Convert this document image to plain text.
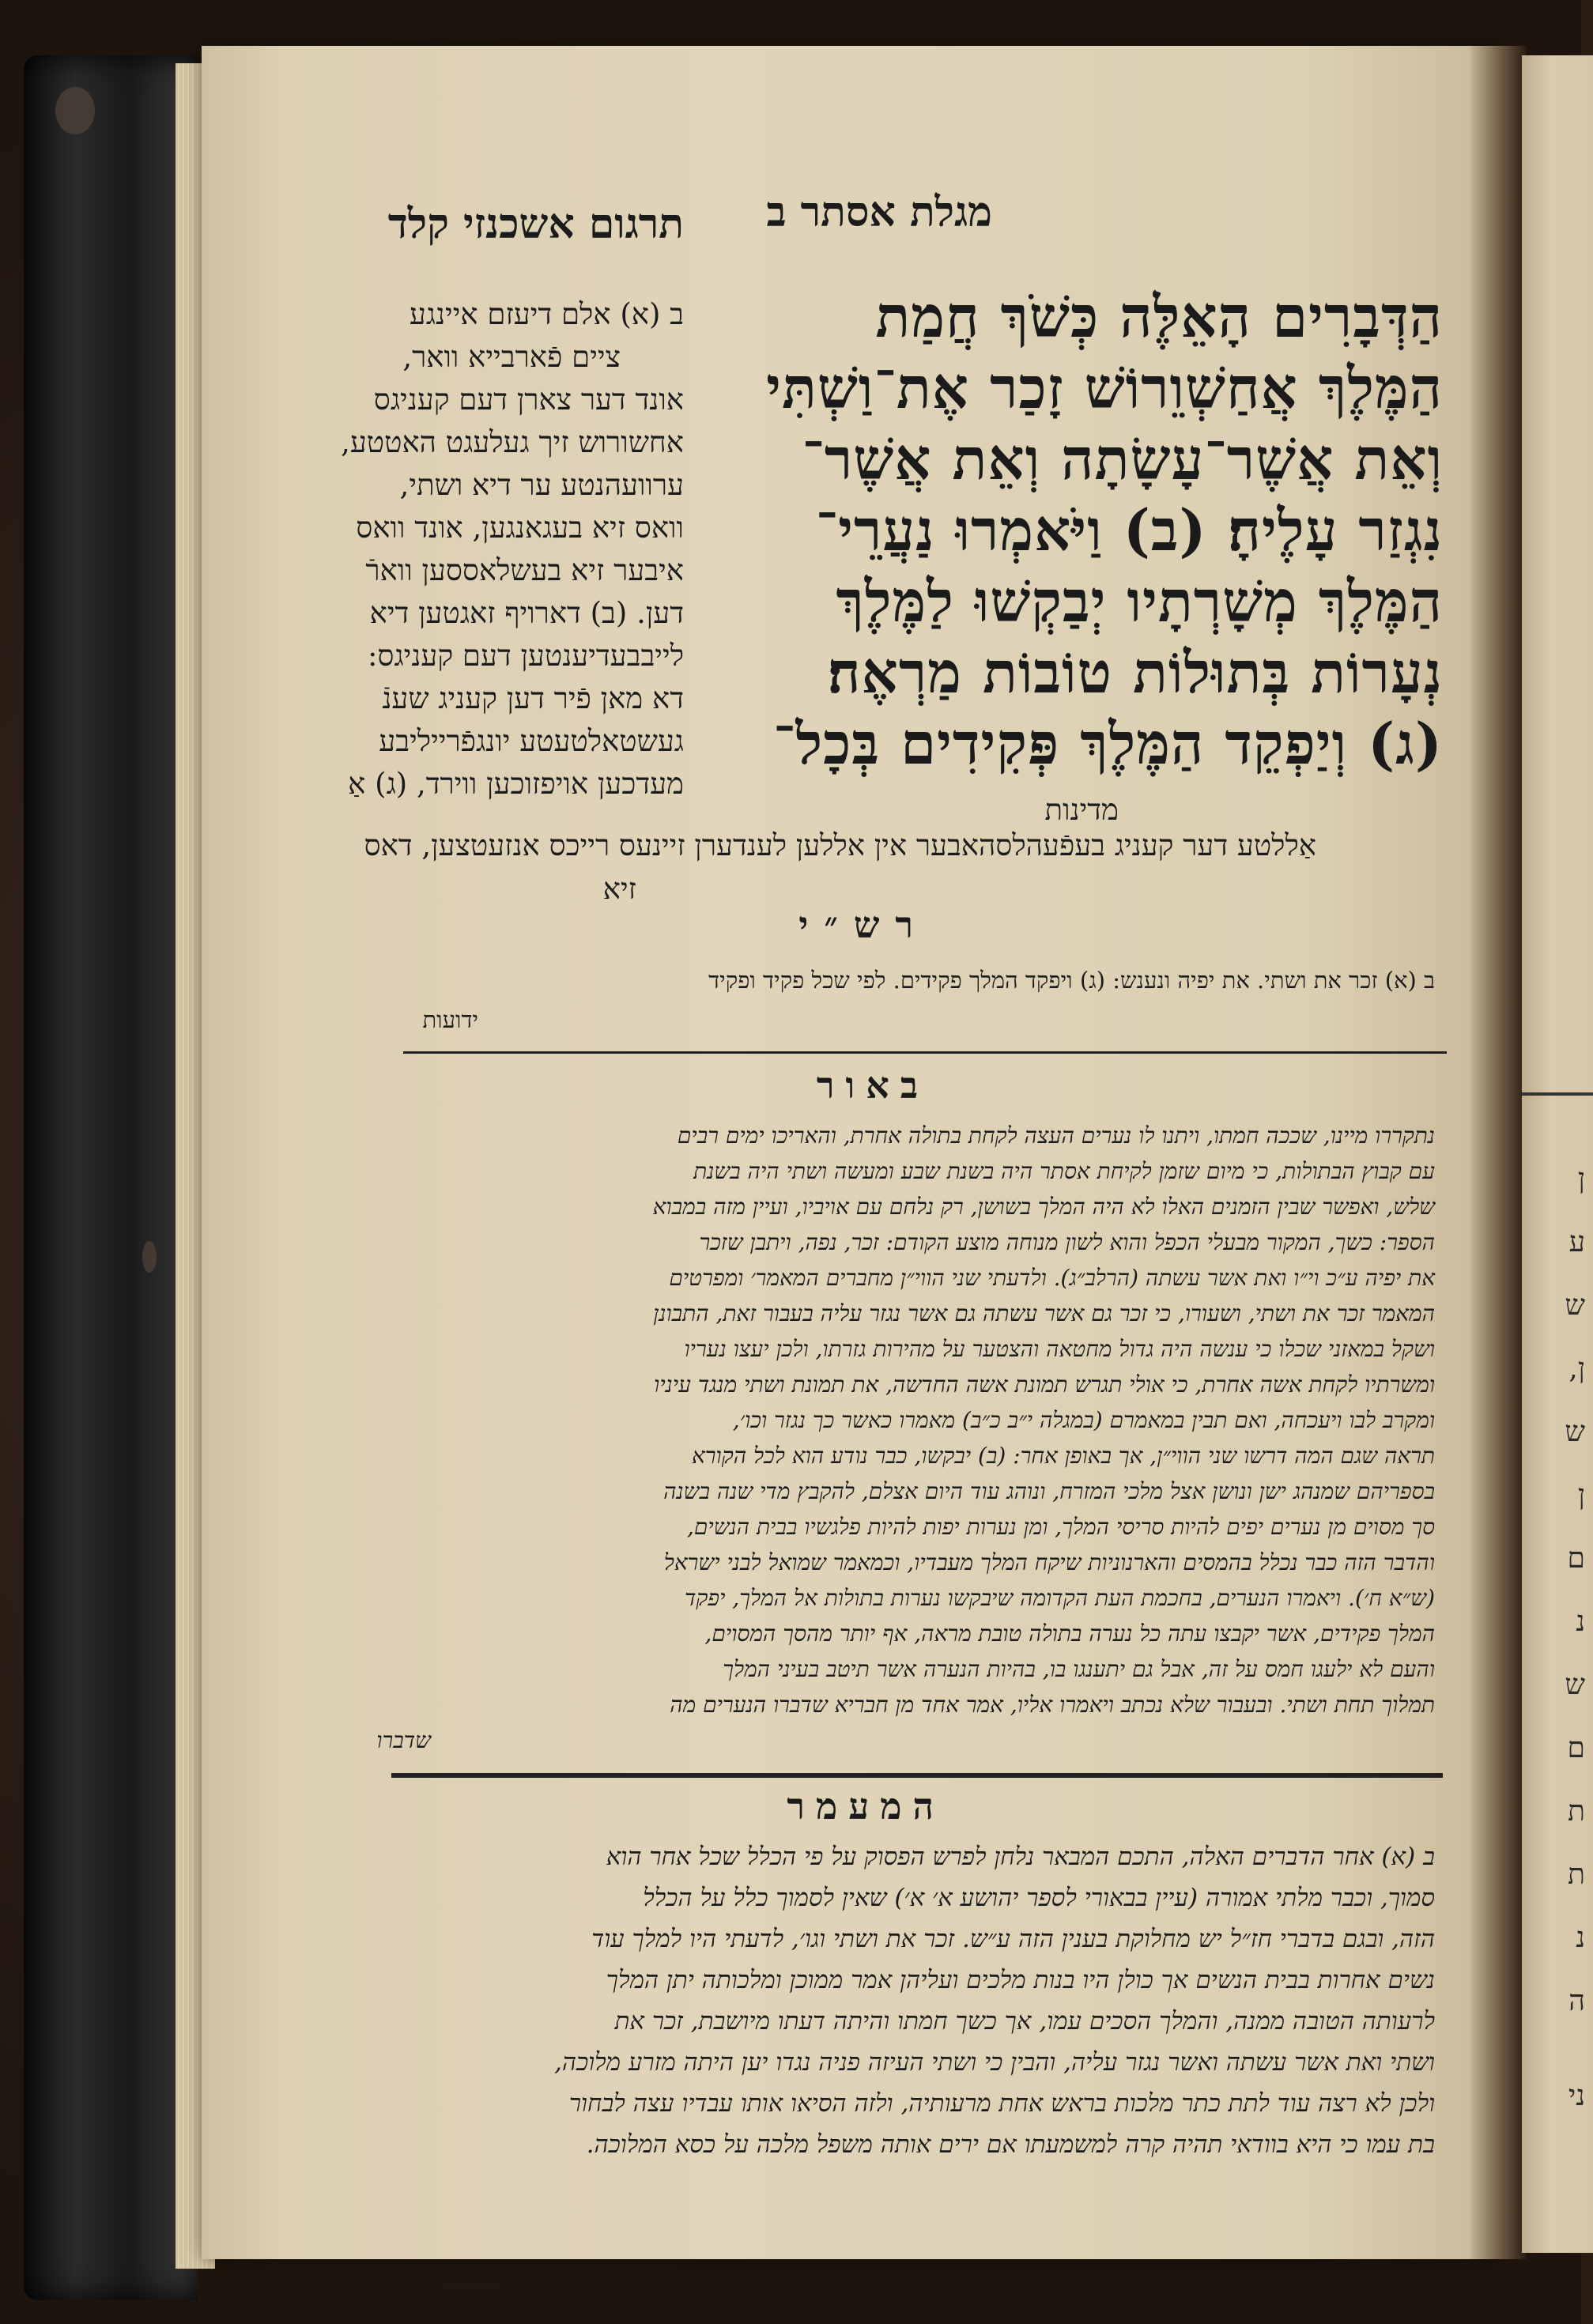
מגלת אסתר ב
תרגום אשכנזי קלד
הַדְּבָרִים הָאֵלֶּה כְּשֹׁךְ חֲמַת
הַמֶּלֶךְ אֲחַשְׁוֵרוֹשׁ זָכַר אֶת־וַשְׁתִּי
וְאֵת אֲשֶׁר־עָשָׂתָה וְאֵת אֲשֶׁר־
נִגְזַר עָלֶיהָ׃ (ב) וַיֹּאמְרוּ נַעֲרֵי־
הַמֶּלֶךְ מְשָׁרְתָיו יְבַקְשׁוּ לַמֶּלֶךְ
נְעָרוֹת בְּתוּלוֹת טוֹבוֹת מַרְאֶה׃
(ג) וְיַפְקֵד הַמֶּלֶךְ פְּקִידִים בְּכָל־
מדינות
ב (א) אלם דיעזם איינגע
ציים פֿארבייא וואר,
אונד דער צארן דעם קעניגס
אחשורוש זיך געלעגט האטטע,
ערוועהנטע ער דיא ושתי,
וואס זיא בעגאנגען, אונד וואס
איבער זיא בעשלאססען ווארֿ
דען. (ב) דארויף זאגטען דיא
לייבבעדיענטען דעם קעניגס:
דא מאן פֿיר דען קעניג שענֿ
געשטאלטעטע יונגפֿרייליבע
מעדכען אויפזוכען ווירד, (ג) אַ
אַללטע דער קעניג בעפֿעהלסהאבער אין אללען לענדערן זיינעס רייכס אנזעטצען, דאס
זיא
רש״י
ב (א) זכר את ושתי. את יפיה ונענש: (ג) ויפקד המלך פקידים. לפי שכל פקיד ופקיד
ידועות
באור
נתקררו מיינו, שככה חמתו, ויתנו לו נערים העצה לקחת בתולה אחרת, והאריכו ימים רבים
עם קבוץ הבתולות, כי מיום שזמן לקיחת אסתר היה בשנת שבע ומעשה ושתי היה בשנת
שלש, ואפשר שבין הזמנים האלו לא היה המלך בשושן, רק נלחם עם אויביו, ועיין מזה במבוא
הספר: כשך, המקור מבעלי הכפל והוא לשון מנוחה מוצע הקודם: זכר, נפה, ויתבן שזכר
את יפיה ע״כ וי״ו ואת אשר עשתה (הרלב״ג). ולדעתי שני הווי״ן מחברים המאמר׳ ומפרטים
המאמר זכר את ושתי, ושעורו, כי זכר גם אשר עשתה גם אשר נגזר עליה בעבור זאת, התבונן
ושקל במאזני שכלו כי ענשה היה גדול מחטאה והצטער על מהירות גזרתו, ולכן יעצו נעריו
ומשרתיו לקחת אשה אחרת, כי אולי תגרש תמונת אשה החדשה, את תמונת ושתי מנגד עיניו
ומקרב לבו ויעכחה, ואם תבין במאמרם (במגלה י״ב כ״ב) מאמרו כאשר כך נגזר וכו׳,
תראה שגם המה דרשו שני הווי״ן, אך באופן אחר: (ב) יבקשו, כבר נודע הוא לכל הקורא
בספריהם שמנהג ישן ונושן אצל מלכי המזרח, ונוהג עוד היום אצלם, להקבץ מדי שנה בשנה
סך מסוים מן נערים יפים להיות סריסי המלך, ומן נערות יפות להיות פלגשיו בבית הנשים,
והדבר הזה כבר נכלל בהמסים והארנוניות שיקח המלך מעבדיו, וכמאמר שמואל לבני ישראל
(ש״א ח׳). ויאמרו הנערים, בחכמת העת הקדומה שיבקשו נערות בתולות אל המלך, יפקד
המלך פקידים, אשר יקבצו עתה כל נערה בתולה טובת מראה, אף יותר מהסך המסוים,
והעם לא ילעגו חמס על זה, אבל גם יתענגו בו, בהיות הנערה אשר תיטב בעיני המלך
תמלוך תחת ושתי. ובעבור שלא נכתב ויאמרו אליו, אמר אחד מן חבריא שדברו הנערים מה
שדברו
המעמר
ב (א) אחר הדברים האלה, התכם המבאר נלחן לפרש הפסוק על פי הכלל שכל אחר הוא
סמוך, וכבר מלתי אמורה (עיין בבאורי לספר יהושע א׳ א׳) שאין לסמוך כלל על הכלל
הזה, ובגם בדברי חז״ל יש מחלוקת בענין הזה ע״ש. זכר את ושתי וגו׳, לדעתי היו למלך עוד
נשים אחרות בבית הנשים אך כולן היו בנות מלכים ועליהן אמר ממוכן ומלכותה יתן המלך
לרעותה הטובה ממנה, והמלך הסכים עמו, אך כשך חמתו והיתה דעתו מיושבת, זכר את
ושתי ואת אשר עשתה ואשר נגזר עליה, והבין כי ושתי העיזה פניה נגדו יען היתה מזרע מלוכה,
ולכן לא רצה עוד לתת כתר מלכות בראש אחת מרעותיה, ולזה הסיאו אותו עבדיו עצה לבחור
בת עמו כי היא בוודאי תהיה קרה למשמעתו אם ירים אותה משפל מלכה על כסא המלוכה.
ן
ע
ש
ן,
ש
ן
ם
נ
ש
ם
ת
ת
נ
ה
ני
